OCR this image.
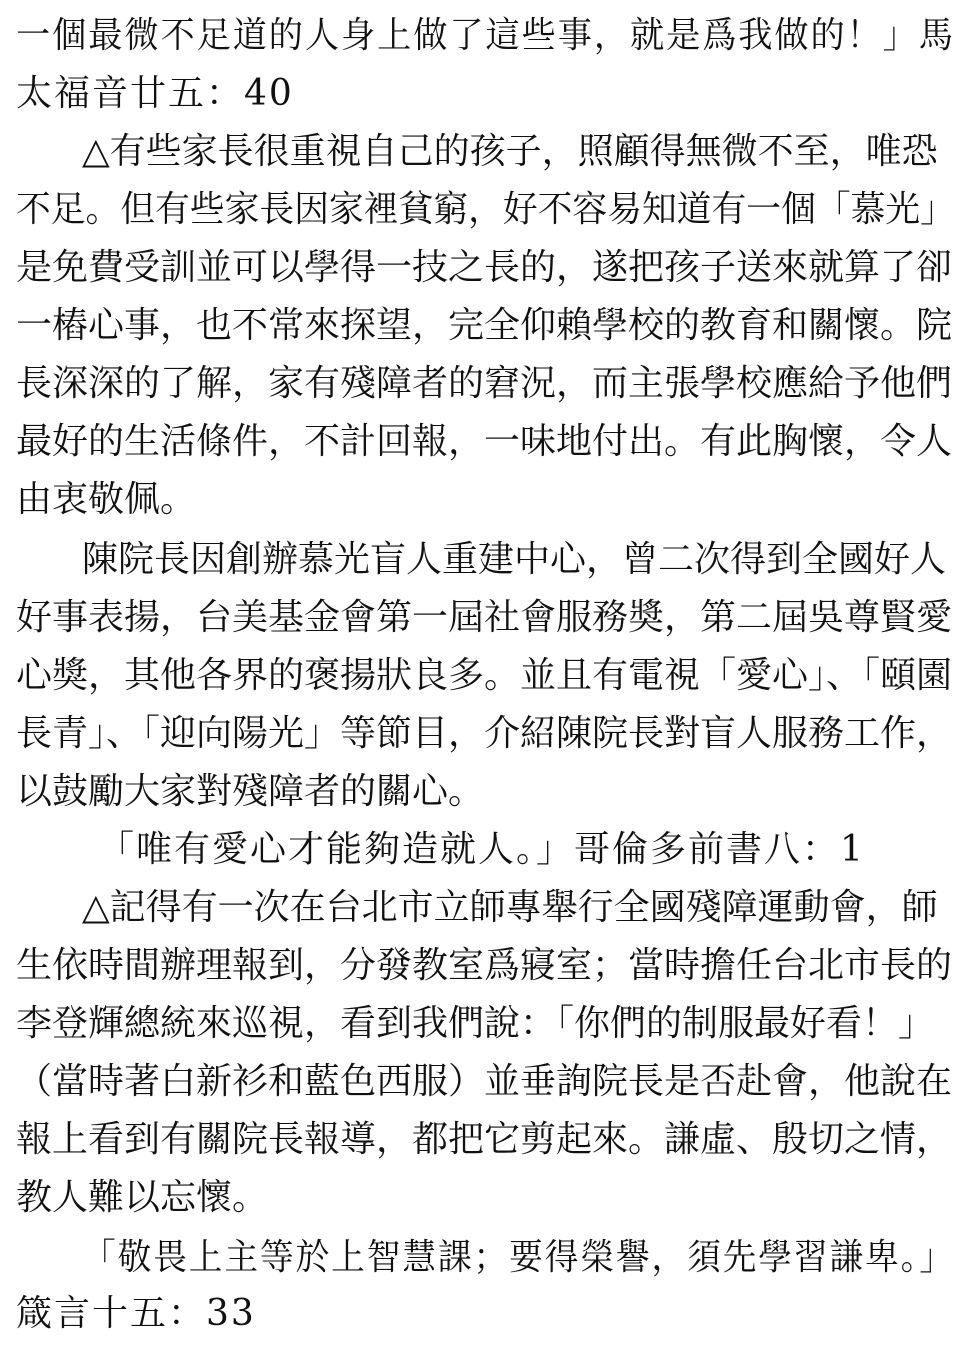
一個最微不足道的人身上做了這些事，就是爲我做的！」馬
太福音廿五：40
△有些家長很重視自己的孩子，照顧得無微不至，唯恐
不足。但有些家長因家裡貧窮，好不容易知道有一個「慕光」
是免費受訓並可以學得一技之長的，遂把孩子送來就算了卻
一樁心事，也不常來探望，完全仰賴學校的教育和關懷。院
長深深的了解，家有殘障者的窘況，而主張學校應給予他們
最好的生活條件，不計回報，一味地付出。有此胸懷，令人
由衷敬佩。
陳院長因創辦慕光盲人重建中心，曾二次得到全國好人
好事表揚，台美基金會第一屆社會服務奬，第二屆吳尊賢愛
心獎，其他各界的褒揚狀良多。並且有電視「愛心」、「頤園
長青」、「迎向陽光」等節目，介紹陳院長對盲人服務工作，
以鼓勵大家對殘障者的關心。
「唯有愛心才能夠造就人。」哥倫多前書八：1
△記得有一次在台北市立師專舉行全國殘障運動會，師
生依時間辦理報到，分發教室爲寢室；當時擔任台北市長的
李登輝總統來巡視，看到我們說：「你們的制服最好看！」
（當時著白新衫和藍色西服）並垂詢院長是否赴會，他說在
報上看到有關院長報導，都把它剪起來。謙虛、殷切之情，
教人難以忘懷。
「敬畏上主等於上智慧課；要得榮譽，須先學習謙卑。」
箴言十五：33
